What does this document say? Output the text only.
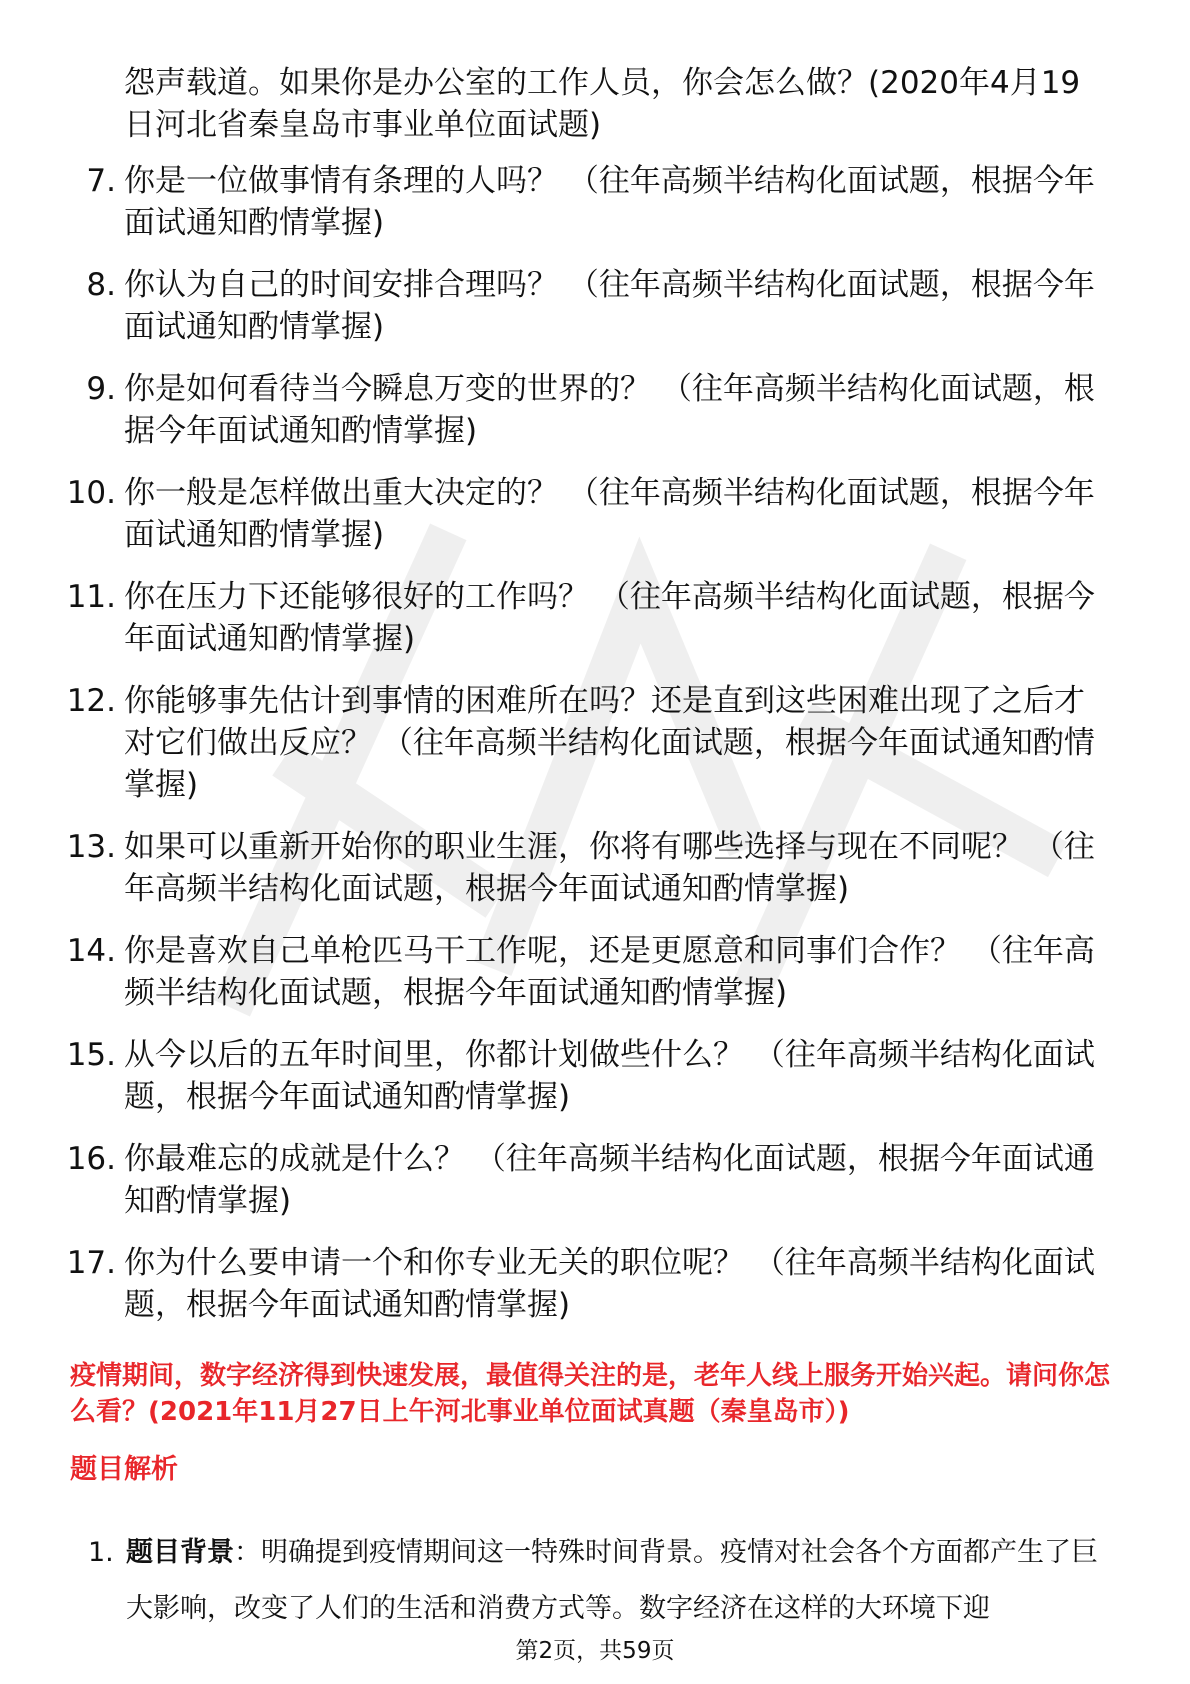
怨声载道。如果你是办公室的工作人员，你会怎么做？(2020年4月19日河北省秦皇岛市事业单位面试题)
7. 你是一位做事情有条理的人吗？ （往年高频半结构化面试题，根据今年面试通知酌情掌握)
8. 你认为自己的时间安排合理吗？ （往年高频半结构化面试题，根据今年面试通知酌情掌握)
9. 你是如何看待当今瞬息万变的世界的？ （往年高频半结构化面试题，根据今年面试通知酌情掌握)
10. 你一般是怎样做出重大决定的？ （往年高频半结构化面试题，根据今年面试通知酌情掌握)
11. 你在压力下还能够很好的工作吗？ （往年高频半结构化面试题，根据今年面试通知酌情掌握)
12. 你能够事先估计到事情的困难所在吗？还是直到这些困难出现了之后才对它们做出反应？ （往年高频半结构化面试题，根据今年面试通知酌情掌握)
13. 如果可以重新开始你的职业生涯，你将有哪些选择与现在不同呢？ （往年高频半结构化面试题，根据今年面试通知酌情掌握)
14. 你是喜欢自己单枪匹马干工作呢，还是更愿意和同事们合作？ （往年高频半结构化面试题，根据今年面试通知酌情掌握)
15. 从今以后的五年时间里，你都计划做些什么？ （往年高频半结构化面试题，根据今年面试通知酌情掌握)
16. 你最难忘的成就是什么？ （往年高频半结构化面试题，根据今年面试通知酌情掌握)
17. 你为什么要申请一个和你专业无关的职位呢？ （往年高频半结构化面试题，根据今年面试通知酌情掌握)
疫情期间，数字经济得到快速发展，最值得关注的是，老年人线上服务开始兴起。请问你怎么看？(2021年11月27日上午河北事业单位面试真题（秦皇岛市）)
题目解析
1. 题目背景：明确提到疫情期间这一特殊时间背景。疫情对社会各个方面都产生了巨大影响，改变了人们的生活和消费方式等。数字经济在这样的大环境下迎
第2页，共59页
